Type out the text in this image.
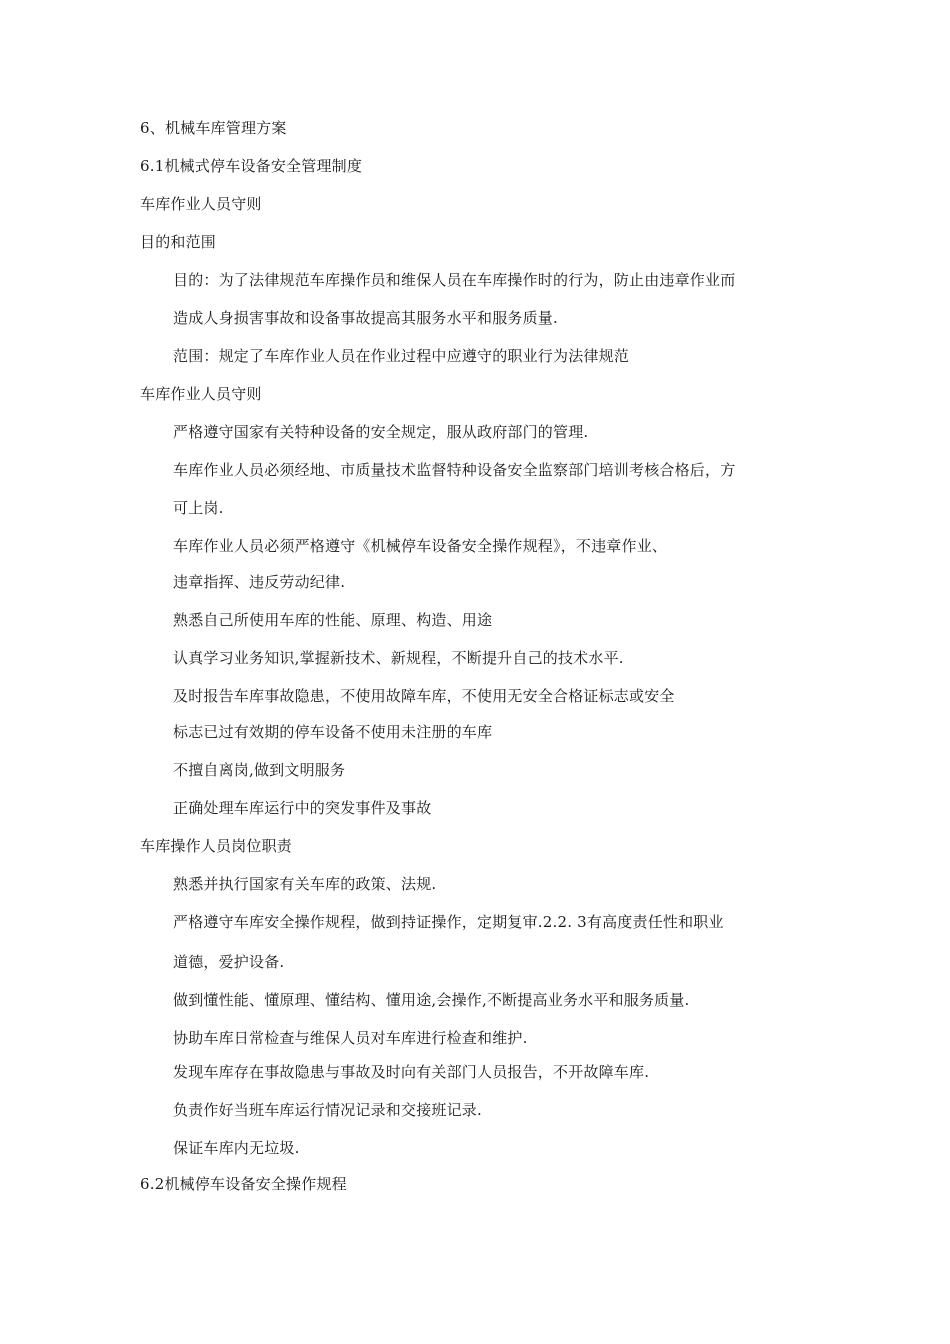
6、机械车库管理方案
6.1机械式停车设备安全管理制度
车库作业人员守则
目的和范围
目的：为了法律规范车库操作员和维保人员在车库操作时的行为，防止由违章作业而
造成人身损害事故和设备事故提高其服务水平和服务质量.
范围：规定了车库作业人员在作业过程中应遵守的职业行为法律规范
车库作业人员守则
严格遵守国家有关特种设备的安全规定，服从政府部门的管理.
车库作业人员必须经地、市质量技术监督特种设备安全监察部门培训考核合格后，方
可上岗.
车库作业人员必须严格遵守《机械停车设备安全操作规程》，不违章作业、
违章指挥、违反劳动纪律.
熟悉自己所使用车库的性能、原理、构造、用途
认真学习业务知识,掌握新技术、新规程，不断提升自己的技术水平.
及时报告车库事故隐患，不使用故障车库，不使用无安全合格证标志或安全
标志已过有效期的停车设备不使用未注册的车库
不擅自离岗,做到文明服务
正确处理车库运行中的突发事件及事故
车库操作人员岗位职责
熟悉并执行国家有关车库的政策、法规.
严格遵守车库安全操作规程，做到持证操作，定期复审.2.2. 3有高度责任性和职业
道德，爱护设备.
做到懂性能、懂原理、懂结构、懂用途,会操作,不断提高业务水平和服务质量.
协助车库日常检查与维保人员对车库进行检查和维护.
发现车库存在事故隐患与事故及时向有关部门人员报告，不开故障车库.
负责作好当班车库运行情况记录和交接班记录.
保证车库内无垃圾.
6.2机械停车设备安全操作规程
